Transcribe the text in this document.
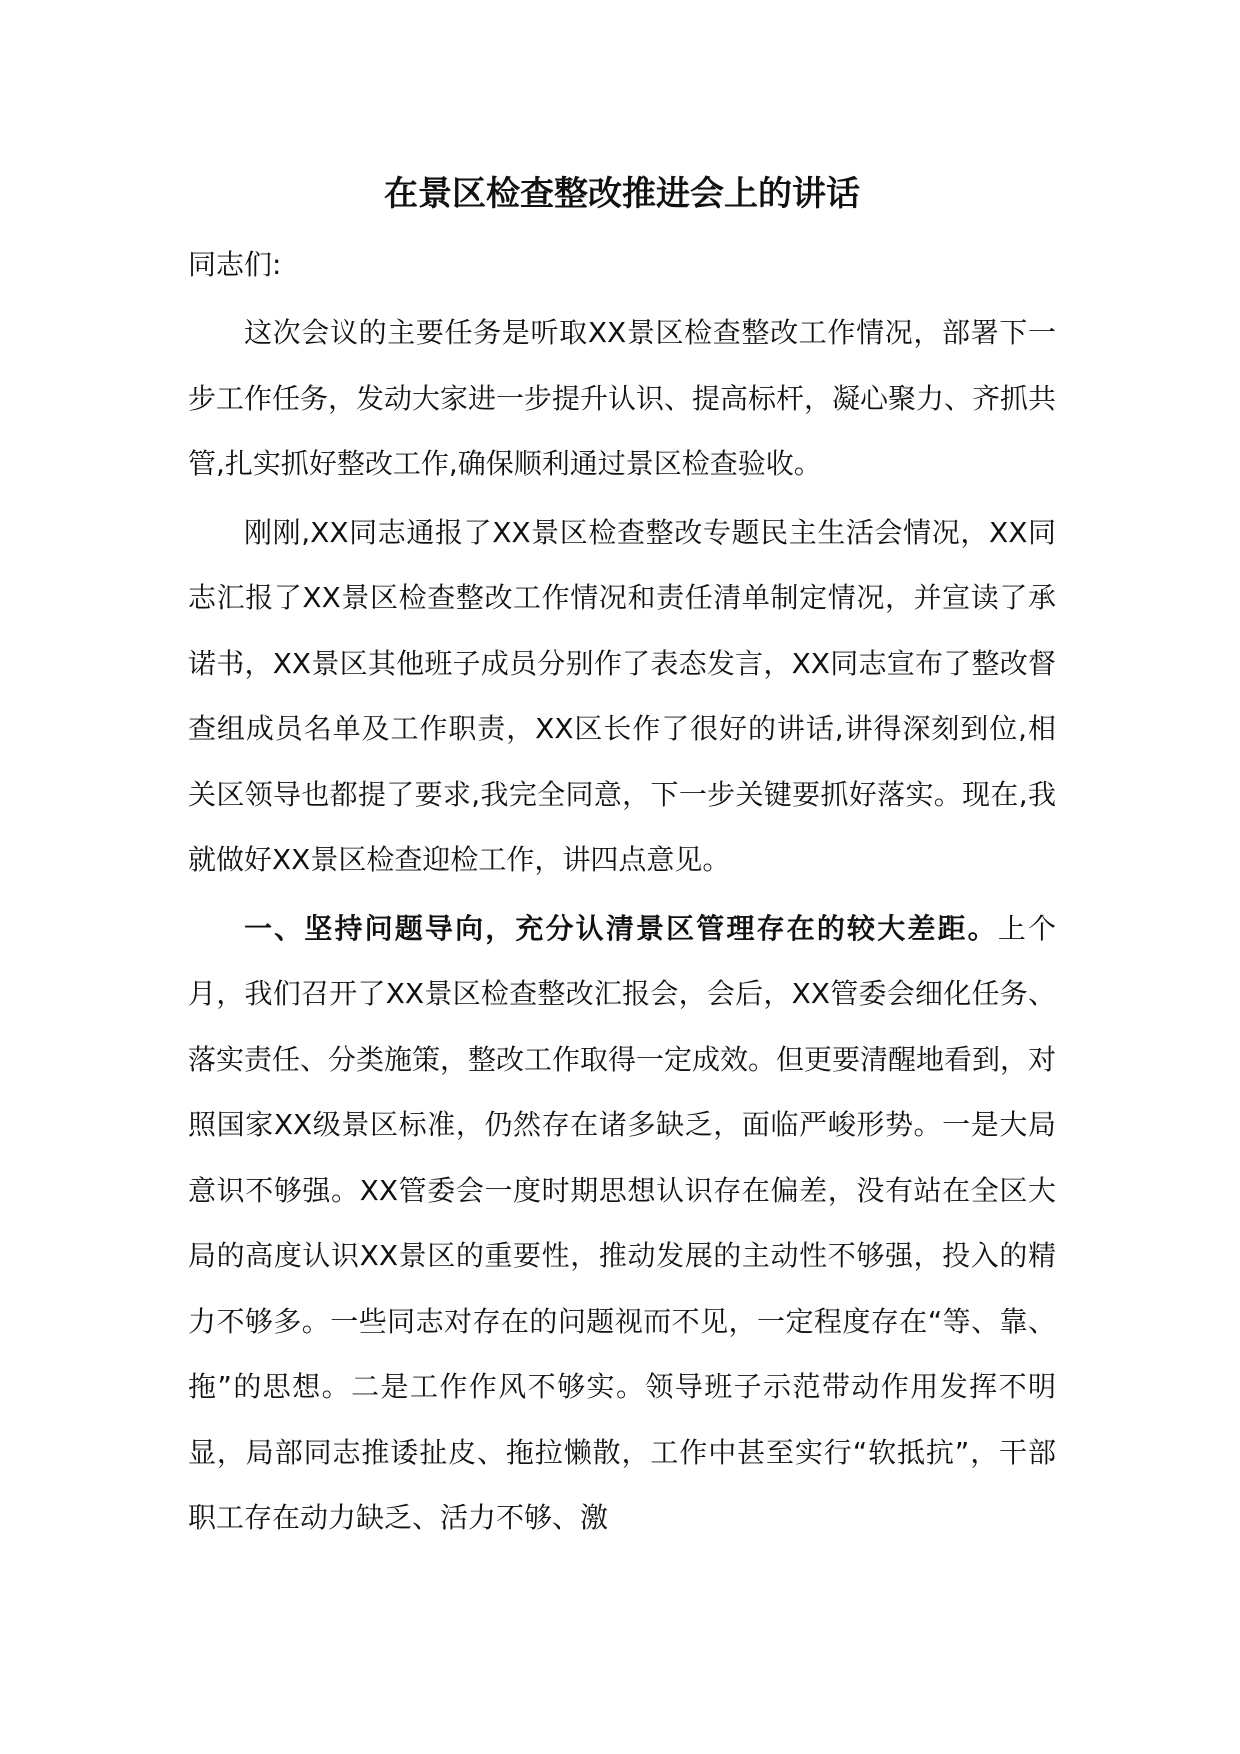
在景区检查整改推进会上的讲话
同志们:

这次会议的主要任务是听取XX景区检查整改工作情况，部署下一步工作任务，发动大家进一步提升认识、提高标杆，凝心聚力、齐抓共管,扎实抓好整改工作,确保顺利通过景区检查验收。

刚刚,XX同志通报了XX景区检查整改专题民主生活会情况，XX同志汇报了XX景区检查整改工作情况和责任清单制定情况，并宣读了承诺书，XX景区其他班子成员分别作了表态发言，XX同志宣布了整改督查组成员名单及工作职责，XX区长作了很好的讲话,讲得深刻到位,相关区领导也都提了要求,我完全同意，下一步关键要抓好落实。现在,我就做好XX景区检查迎检工作，讲四点意见。

一、坚持问题导向，充分认清景区管理存在的较大差距。上个月，我们召开了XX景区检查整改汇报会，会后，XX管委会细化任务、落实责任、分类施策，整改工作取得一定成效。但更要清醒地看到，对照国家XX级景区标准，仍然存在诸多缺乏，面临严峻形势。一是大局意识不够强。XX管委会一度时期思想认识存在偏差，没有站在全区大局的高度认识XX景区的重要性，推动发展的主动性不够强，投入的精力不够多。一些同志对存在的问题视而不见，一定程度存在“等、靠、拖”的思想。二是工作作风不够实。领导班子示范带动作用发挥不明显，局部同志推诿扯皮、拖拉懒散，工作中甚至实行“软抵抗”，干部职工存在动力缺乏、活力不够、激
